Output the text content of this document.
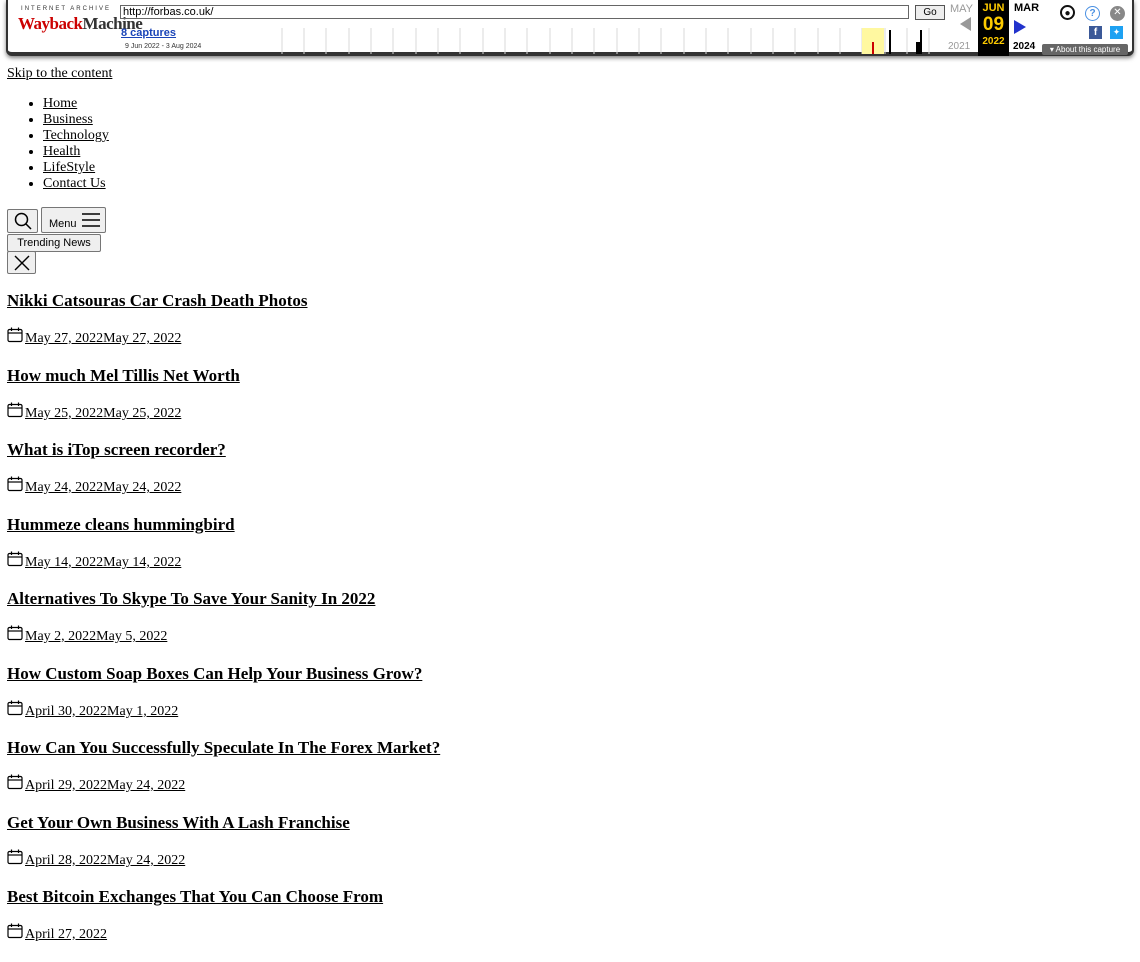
INTERNET ARCHIVE
WaybackMachine
http://forbas.co.uk/	Go
8 captures
9 Jun 2022 - 3 Aug 2024
MAY
2021
JUN
09
2022
MAR
2024
●	?	✕
f	✦
▾ About this capture
Skip to the content
• Home
• Business
• Technology
• Health
• LifeStyle
• Contact Us
Menu
Trending News
Nikki Catsouras Car Crash Death Photos
May 27, 2022May 27, 2022
How much Mel Tillis Net Worth
May 25, 2022May 25, 2022
What is iTop screen recorder?
May 24, 2022May 24, 2022
Hummeze cleans hummingbird
May 14, 2022May 14, 2022
Alternatives To Skype To Save Your Sanity In 2022
May 2, 2022May 5, 2022
How Custom Soap Boxes Can Help Your Business Grow?
April 30, 2022May 1, 2022
How Can You Successfully Speculate In The Forex Market?
April 29, 2022May 24, 2022
Get Your Own Business With A Lash Franchise
April 28, 2022May 24, 2022
Best Bitcoin Exchanges That You Can Choose From
April 27, 2022
